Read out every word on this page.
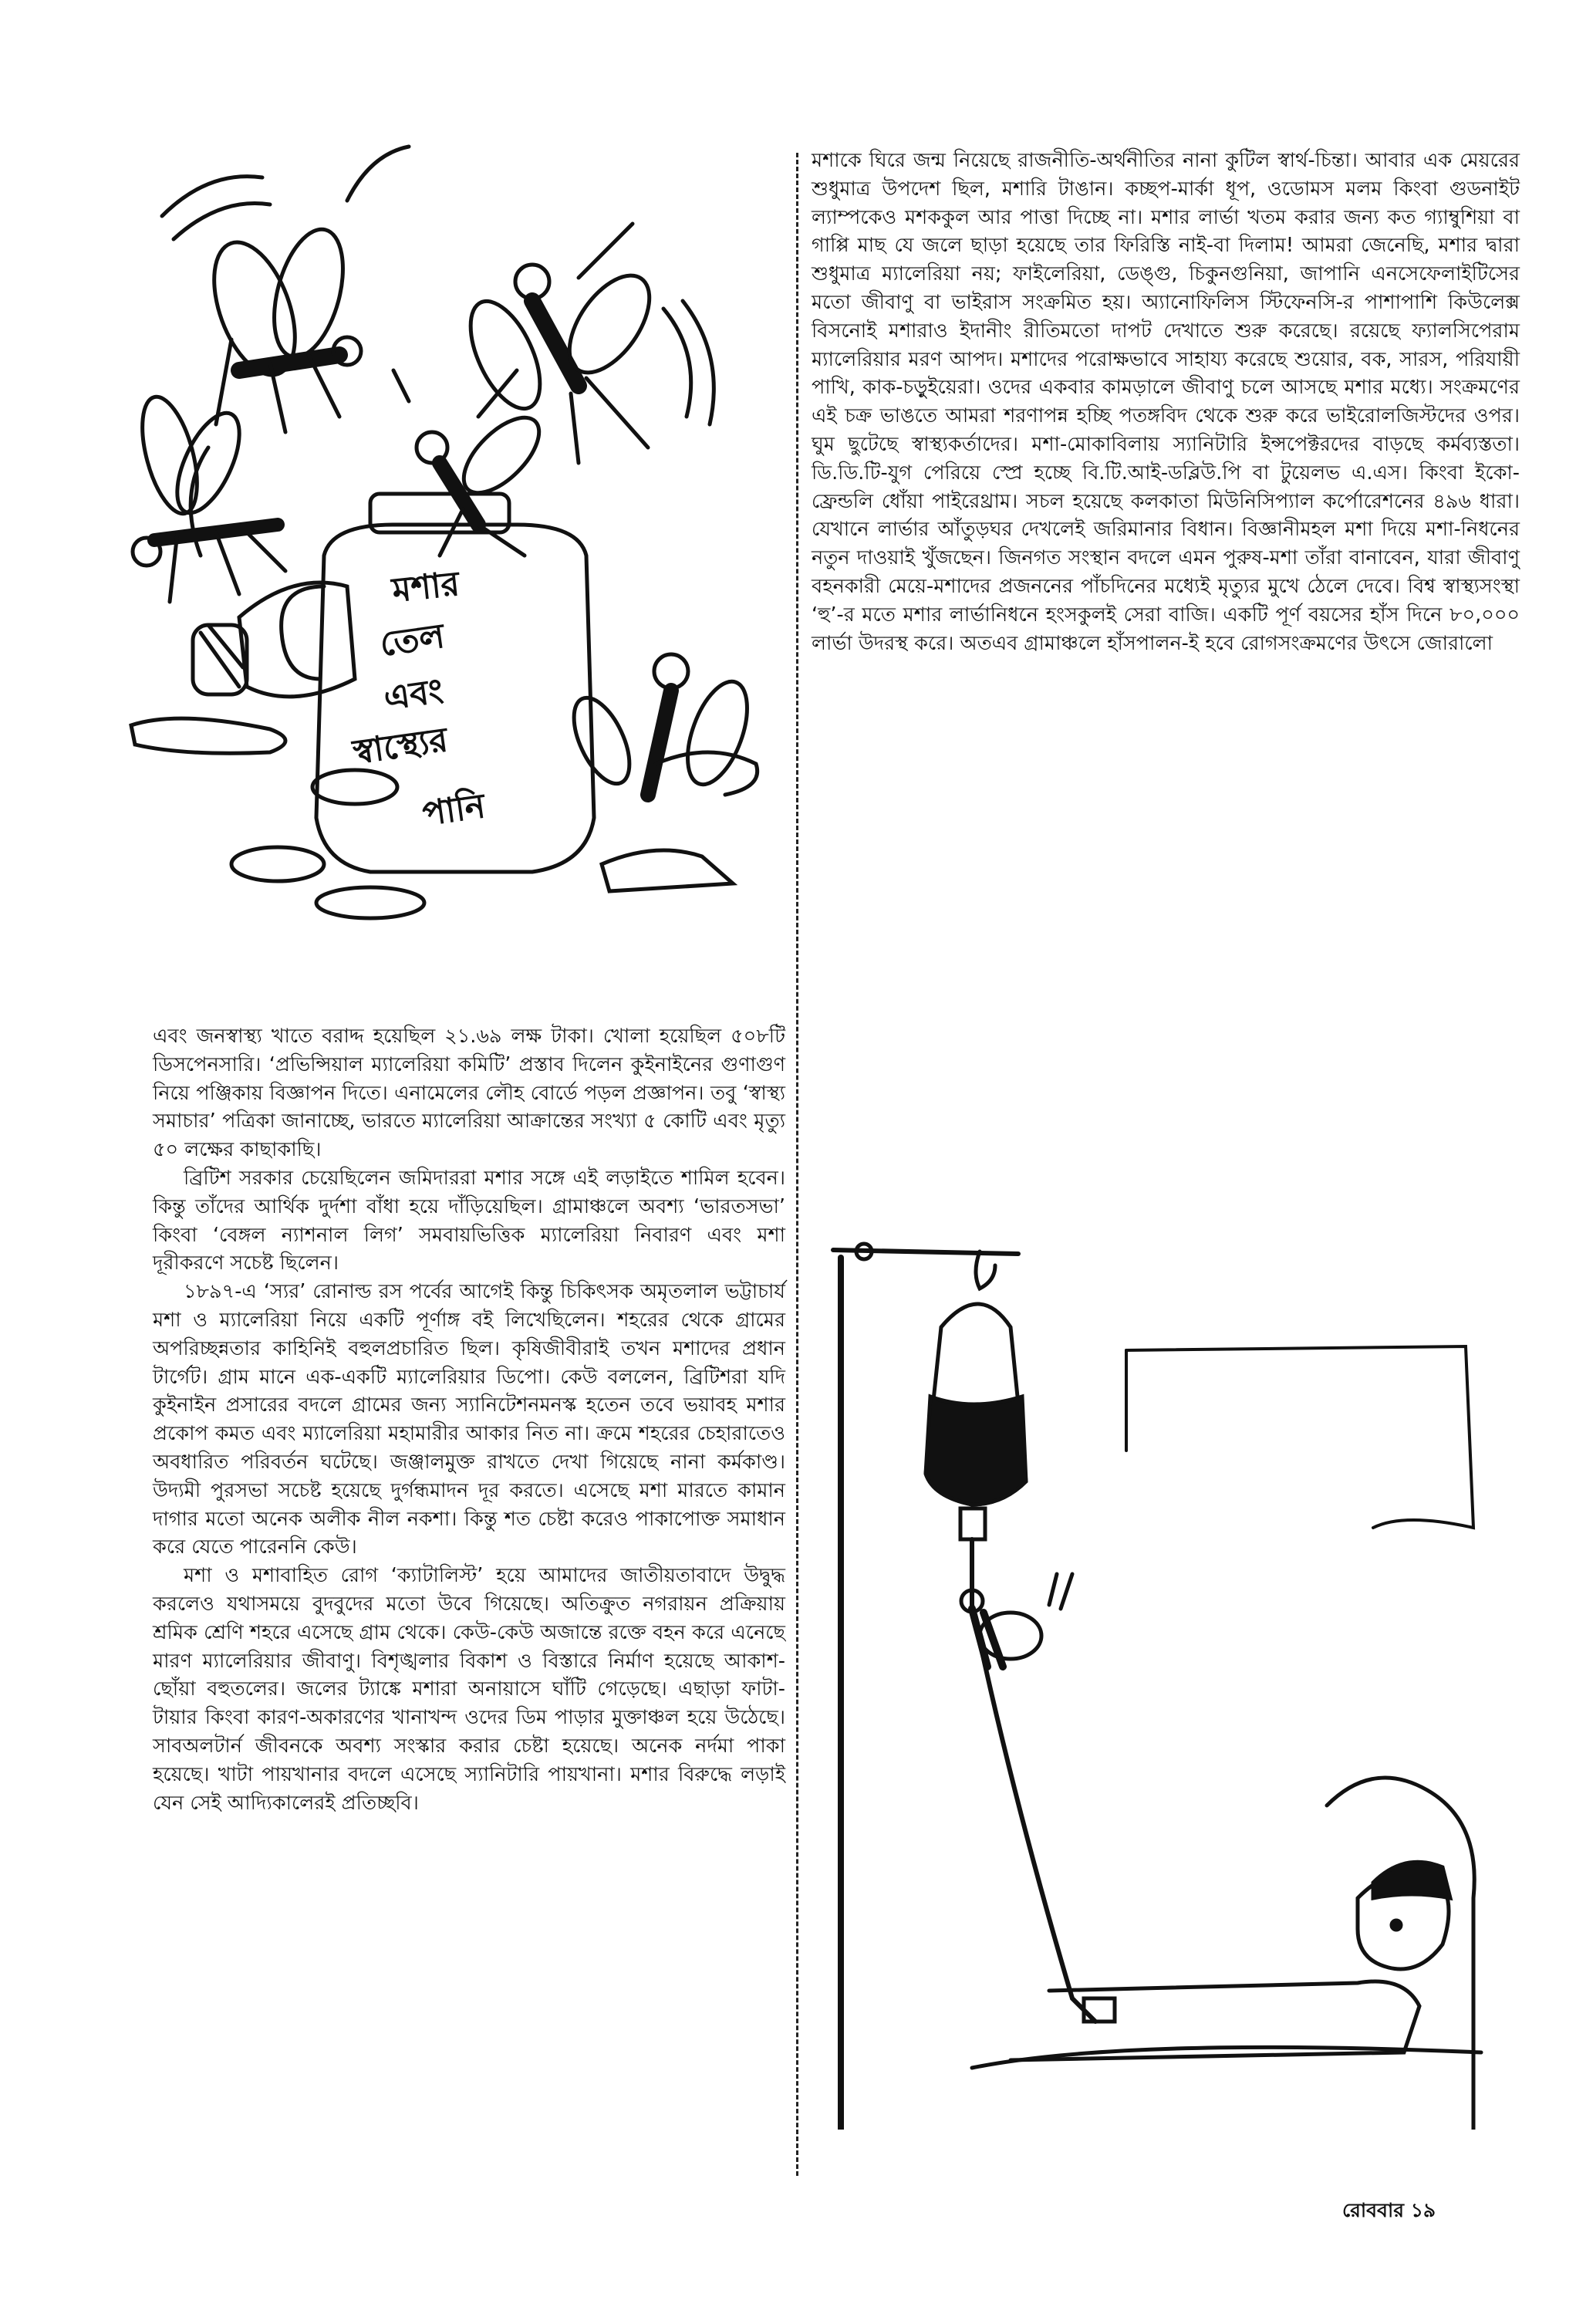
মশার
তেল
এবং
স্বাস্থ্যের
পানি

মশাকে ঘিরে জন্ম নিয়েছে রাজনীতি-অর্থনীতির নানা কুটিল স্বার্থ-চিন্তা। আবার এক মেয়রের শুধুমাত্র উপদেশ ছিল, মশারি টাঙান। কচ্ছপ-মার্কা ধূপ, ওডোমস মলম কিংবা গুডনাইট ল্যাম্পকেও মশককুল আর পাত্তা দিচ্ছে না। মশার লার্ভা খতম করার জন্য কত গ্যাম্বুশিয়া বা গাপ্পি মাছ যে জলে ছাড়া হয়েছে তার ফিরিস্তি নাই-বা দিলাম! আমরা জেনেছি, মশার দ্বারা শুধুমাত্র ম্যালেরিয়া নয়; ফাইলেরিয়া, ডেঙ্গু, চিকুনগুনিয়া, জাপানি এনসেফেলাইটিসের মতো জীবাণু বা ভাইরাস সংক্রমিত হয়। অ্যানোফিলিস স্টিফেনসি-র পাশাপাশি কিউলেক্স বিসনোই মশারাও ইদানীং রীতিমতো দাপট দেখাতে শুরু করেছে। রয়েছে ফ্যালসিপেরাম ম্যালেরিয়ার মরণ আপদ। মশাদের পরোক্ষভাবে সাহায্য করেছে শুয়োর, বক, সারস, পরিযায়ী পাখি, কাক-চড়ুইয়েরা। ওদের একবার কামড়ালে জীবাণু চলে আসছে মশার মধ্যে। সংক্রমণের এই চক্র ভাঙতে আমরা শরণাপন্ন হচ্ছি পতঙ্গবিদ থেকে শুরু করে ভাইরোলজিস্টদের ওপর। ঘুম ছুটেছে স্বাস্থ্যকর্তাদের। মশা-মোকাবিলায় স্যানিটারি ইন্সপেক্টরদের বাড়ছে কর্মব্যস্ততা। ডি.ডি.টি-যুগ পেরিয়ে স্প্রে হচ্ছে বি.টি.আই-ডব্লিউ.পি বা টুয়েলভ এ.এস। কিংবা ইকো-ফ্রেন্ডলি ধোঁয়া পাইরেথ্রাম। সচল হয়েছে কলকাতা মিউনিসিপ্যাল কর্পোরেশনের ৪৯৬ ধারা। যেখানে লার্ভার আঁতুড়ঘর দেখলেই জরিমানার বিধান। বিজ্ঞানীমহল মশা দিয়ে মশা-নিধনের নতুন দাওয়াই খুঁজছেন। জিনগত সংস্থান বদলে এমন পুরুষ-মশা তাঁরা বানাবেন, যারা জীবাণু বহনকারী মেয়ে-মশাদের প্রজননের পাঁচদিনের মধ্যেই মৃত্যুর মুখে ঠেলে দেবে। বিশ্ব স্বাস্থ্যসংস্থা ‘হু’-র মতে মশার লার্ভানিধনে হংসকুলই সেরা বাজি। একটি পূর্ণ বয়সের হাঁস দিনে ৮০,০০০ লার্ভা উদরস্থ করে। অতএব গ্রামাঞ্চলে হাঁসপালন-ই হবে রোগসংক্রমণের উৎসে জোরালো

এবং জনস্বাস্থ্য খাতে বরাদ্দ হয়েছিল ২১.৬৯ লক্ষ টাকা। খোলা হয়েছিল ৫০৮টি ডিসপেনসারি। ‘প্রভিন্সিয়াল ম্যালেরিয়া কমিটি’ প্রস্তাব দিলেন কুইনাইনের গুণাগুণ নিয়ে পঞ্জিকায় বিজ্ঞাপন দিতে। এনামেলের লৌহ বোর্ডে পড়ল প্রজ্ঞাপন। তবু ‘স্বাস্থ্য সমাচার’ পত্রিকা জানাচ্ছে, ভারতে ম্যালেরিয়া আক্রান্তের সংখ্যা ৫ কোটি এবং মৃত্যু ৫০ লক্ষের কাছাকাছি।

ব্রিটিশ সরকার চেয়েছিলেন জমিদাররা মশার সঙ্গে এই লড়াইতে শামিল হবেন। কিন্তু তাঁদের আর্থিক দুর্দশা বাঁধা হয়ে দাঁড়িয়েছিল। গ্রামাঞ্চলে অবশ্য ‘ভারতসভা’ কিংবা ‘বেঙ্গল ন্যাশনাল লিগ’ সমবায়ভিত্তিক ম্যালেরিয়া নিবারণ এবং মশা দূরীকরণে সচেষ্ট ছিলেন।

১৮৯৭-এ ‘স্যর’ রোনাল্ড রস পর্বের আগেই কিন্তু চিকিৎসক অমৃতলাল ভট্টাচার্য মশা ও ম্যালেরিয়া নিয়ে একটি পূর্ণাঙ্গ বই লিখেছিলেন। শহরের থেকে গ্রামের অপরিচ্ছন্নতার কাহিনিই বহুলপ্রচারিত ছিল। কৃষিজীবীরাই তখন মশাদের প্রধান টার্গেট। গ্রাম মানে এক-একটি ম্যালেরিয়ার ডিপো। কেউ বললেন, ব্রিটিশরা যদি কুইনাইন প্রসারের বদলে গ্রামের জন্য স্যানিটেশনমনস্ক হতেন তবে ভয়াবহ মশার প্রকোপ কমত এবং ম্যালেরিয়া মহামারীর আকার নিত না। ক্রমে শহরের চেহারাতেও অবধারিত পরিবর্তন ঘটেছে। জঞ্জালমুক্ত রাখতে দেখা গিয়েছে নানা কর্মকাণ্ড। উদ্যমী পুরসভা সচেষ্ট হয়েছে দুর্গন্ধমাদন দূর করতে। এসেছে মশা মারতে কামান দাগার মতো অনেক অলীক নীল নকশা। কিন্তু শত চেষ্টা করেও পাকাপোক্ত সমাধান করে যেতে পারেননি কেউ।

মশা ও মশাবাহিত রোগ ‘ক্যাটালিস্ট’ হয়ে আমাদের জাতীয়তাবাদে উদ্বুদ্ধ করলেও যথাসময়ে বুদবুদের মতো উবে গিয়েছে। অতিক্রুত নগরায়ন প্রক্রিয়ায় শ্রমিক শ্রেণি শহরে এসেছে গ্রাম থেকে। কেউ-কেউ অজান্তে রক্তে বহন করে এনেছে মারণ ম্যালেরিয়ার জীবাণু। বিশৃঙ্খলার বিকাশ ও বিস্তারে নির্মাণ হয়েছে আকাশ-ছোঁয়া বহুতলের। জলের ট্যাঙ্কে মশারা অনায়াসে ঘাঁটি গেড়েছে। এছাড়া ফাটা-টায়ার কিংবা কারণ-অকারণের খানাখন্দ ওদের ডিম পাড়ার মুক্তাঞ্চল হয়ে উঠেছে। সাবঅলটার্ন জীবনকে অবশ্য সংস্কার করার চেষ্টা হয়েছে। অনেক নর্দমা পাকা হয়েছে। খাটা পায়খানার বদলে এসেছে স্যানিটারি পায়খানা। মশার বিরুদ্ধে লড়াই যেন সেই আদ্যিকালেরই প্রতিচ্ছবি।

রোববার ১৯
